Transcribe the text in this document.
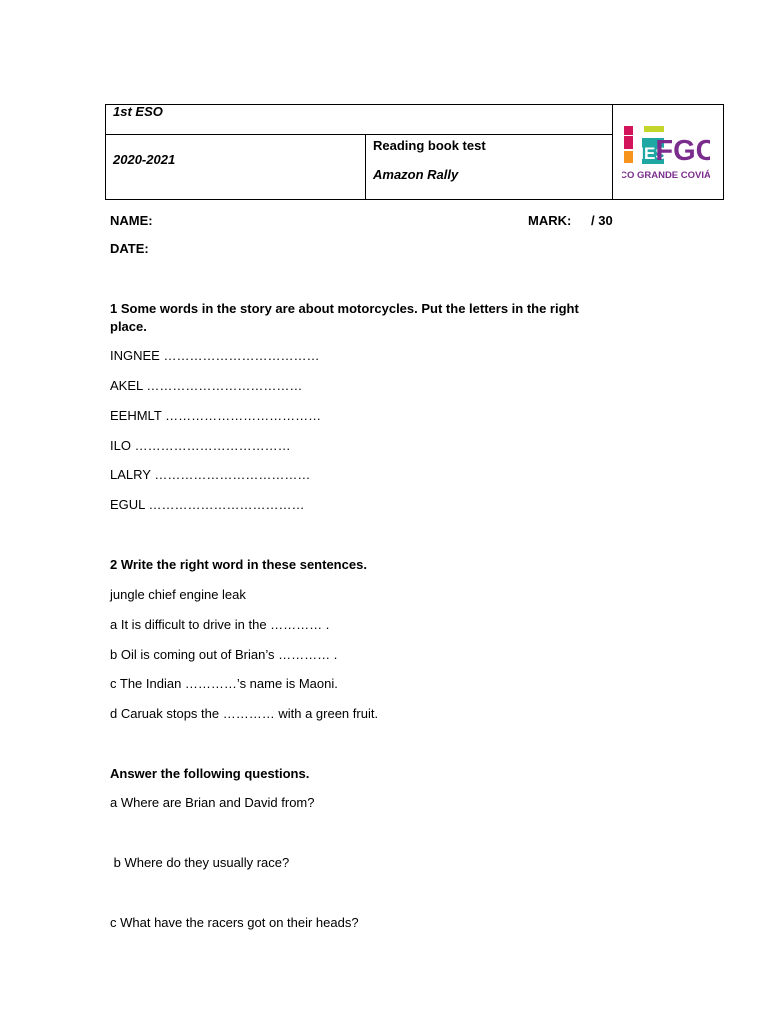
1st ESO
2020-2021
Reading book test
Amazon Rally
IES
FGC
CO GRANDE COVIÁ
NAME:	MARK: / 30
DATE:
1 Some words in the story are about motorcycles. Put the letters in the right
place.
INGNEE ………………………………
AKEL ………………………………
EEHMLT ………………………………
ILO ………………………………
LALRY ………………………………
EGUL ………………………………
2 Write the right word in these sentences.
jungle chief engine leak
a It is difficult to drive in the ………… .
b Oil is coming out of Brian’s ………… .
c The Indian …………’s name is Maoni.
d Caruak stops the ………… with a green fruit.
Answer the following questions.
a Where are Brian and David from?
b Where do they usually race?
c What have the racers got on their heads?
